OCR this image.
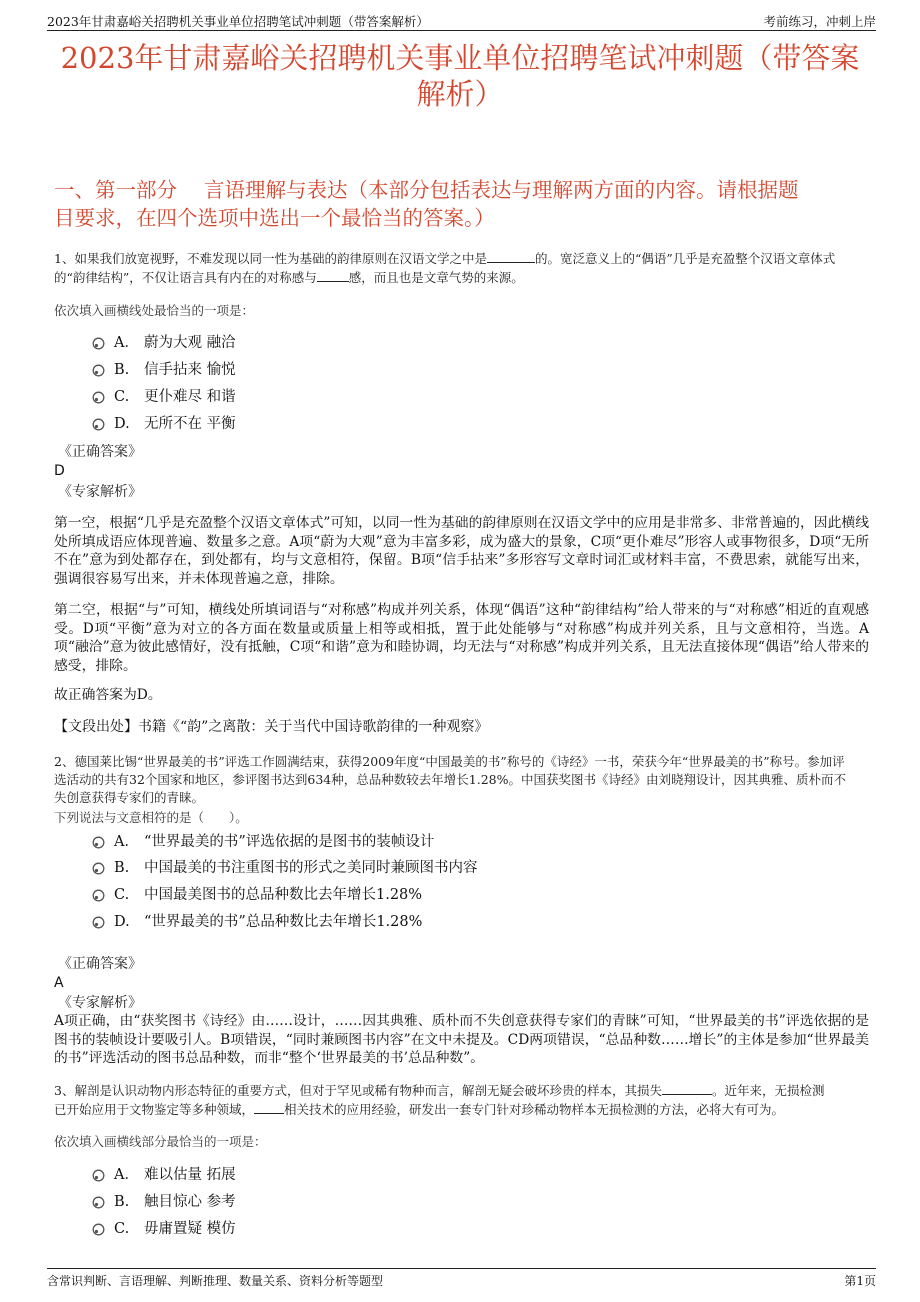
2023年甘肃嘉峪关招聘机关事业单位招聘笔试冲刺题（带答案解析）	考前练习，冲刺上岸
2023年甘肃嘉峪关招聘机关事业单位招聘笔试冲刺题（带答案
解析）
一、第一部分　 言语理解与表达（本部分包括表达与理解两方面的内容。请根据题
目要求，在四个选项中选出一个最恰当的答案。）
1、如果我们放宽视野，不难发现以同一性为基础的韵律原则在汉语文学之中是	的。宽泛意义上的“偶语”几乎是充盈整个汉语文章体式
的“韵律结构”，不仅让语言具有内在的对称感与	感，而且也是文章气势的来源。
依次填入画横线处最恰当的一项是：
A． 蔚为大观 融洽
B. 信手拈来 愉悦
C. 更仆难尽 和谐
D. 无所不在 平衡
《正确答案》
D
《专家解析》
第一空，根据“几乎是充盈整个汉语文章体式”可知，以同一性为基础的韵律原则在汉语文学中的应用是非常多、非常普遍的，因此横线处所填成语应体现普遍、数量多之意。A项“蔚为大观”意为丰富多彩，成为盛大的景象，C项“更仆难尽”形容人或事物很多，D项“无所不在”意为到处都存在，到处都有，均与文意相符，保留。B项“信手拈来”多形容写文章时词汇或材料丰富，不费思索，就能写出来，强调很容易写出来，并未体现普遍之意，排除。
第二空，根据“与”可知，横线处所填词语与“对称感”构成并列关系，体现“偶语”这种“韵律结构”给人带来的与“对称感”相近的直观感受。D项“平衡”意为对立的各方面在数量或质量上相等或相抵，置于此处能够与“对称感”构成并列关系，且与文意相符，当选。A项“融洽”意为彼此感情好，没有抵触，C项“和谐”意为和睦协调，均无法与“对称感”构成并列关系，且无法直接体现“偶语”给人带来的感受，排除。
故正确答案为D。
【文段出处】书籍《“韵”之离散：关于当代中国诗歌韵律的一种观察》
2、德国莱比锡“世界最美的书”评选工作圆满结束，获得2009年度“中国最美的书”称号的《诗经》一书，荣获今年“世界最美的书”称号。参加评
选活动的共有32个国家和地区，参评图书达到634种，总品种数较去年增长1.28%。中国获奖图书《诗经》由刘晓翔设计，因其典雅、质朴而不
失创意获得专家们的青睐。
下列说法与文意相符的是（　　）。
A． “世界最美的书”评选依据的是图书的装帧设计
B. 中国最美的书注重图书的形式之美同时兼顾图书内容
C. 中国最美图书的总品种数比去年增长1.28%
D. “世界最美的书”总品种数比去年增长1.28%
《正确答案》
A
《专家解析》
A项正确，由“获奖图书《诗经》由……设计，……因其典雅、质朴而不失创意获得专家们的青睐”可知，“世界最美的书”评选依据的是图书的装帧设计要吸引人。B项错误，“同时兼顾图书内容”在文中未提及。CD两项错误，“总品种数……增长”的主体是参加“世界最美的书”评选活动的图书总品种数，而非“整个‘世界最美的书’总品种数”。
3、解剖是认识动物内形态特征的重要方式，但对于罕见或稀有物种而言，解剖无疑会破坏珍贵的样本，其损失	。近年来，无损检测
已开始应用于文物鉴定等多种领域， 相关技术的应用经验，研发出一套专门针对珍稀动物样本无损检测的方法，必将大有可为。
依次填入画横线部分最恰当的一项是：
A． 难以估量 拓展
B. 触目惊心 参考
C. 毋庸置疑 模仿
含常识判断、言语理解、判断推理、数量关系、资料分析等题型	第1页
